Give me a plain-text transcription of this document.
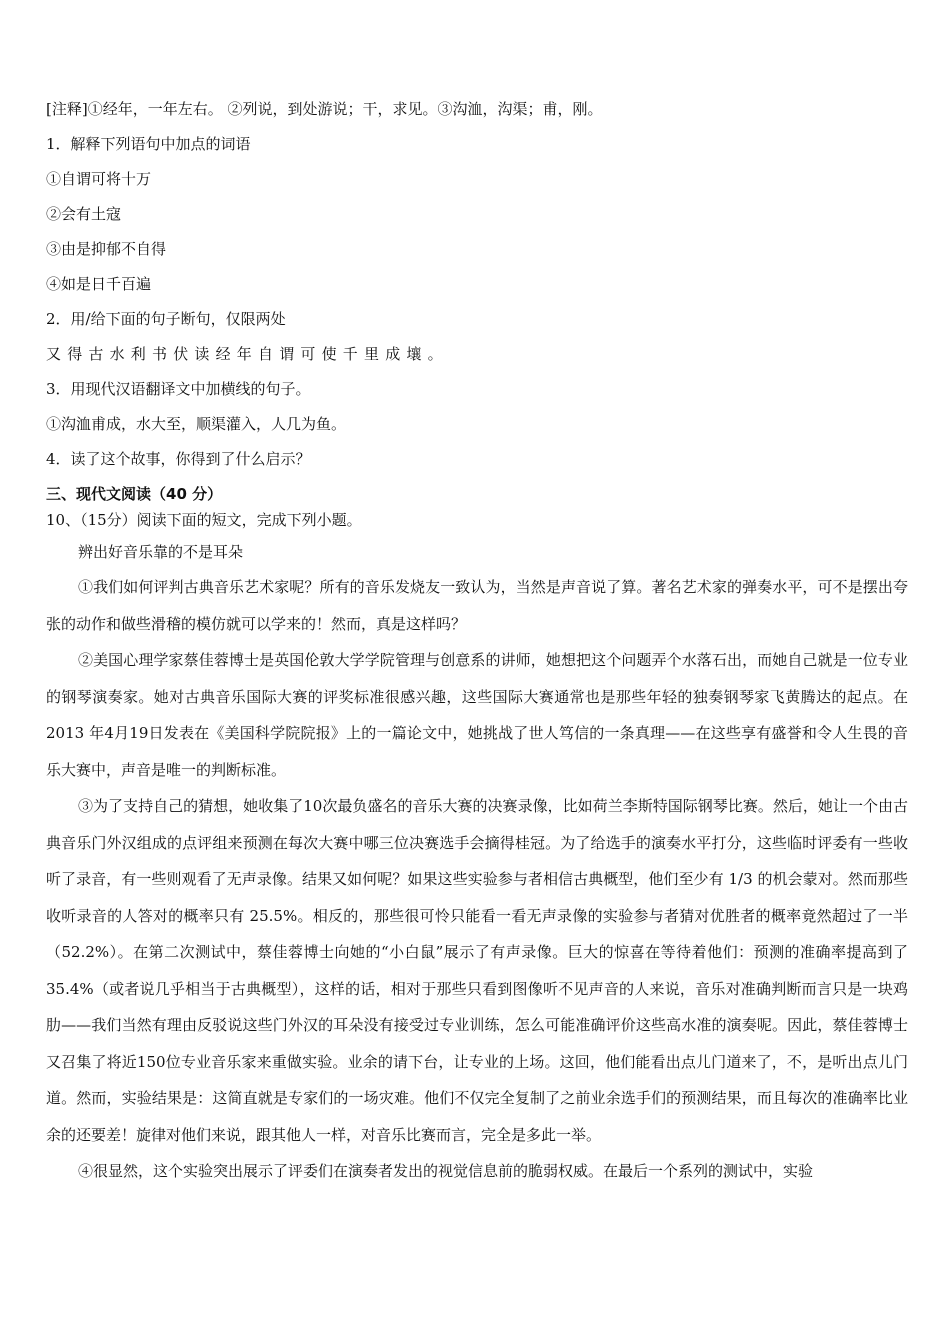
[注释]①经年，一年左右。 ②列说，到处游说；干，求见。③沟洫，沟渠；甫，刚。
1．解释下列语句中加点的词语
①自谓可将十万
②会有土寇
③由是抑郁不自得
④如是日千百遍
2．用/给下面的句子断句，仅限两处
又得古水利书伏读经年自谓可使千里成壤。
3．用现代汉语翻译文中加横线的句子。
①沟洫甫成，水大至，顺渠灌入，人几为鱼。
4．读了这个故事，你得到了什么启示？
三、现代文阅读（40 分）
10、（15分）阅读下面的短文，完成下列小题。
辨出好音乐靠的不是耳朵
①我们如何评判古典音乐艺术家呢？所有的音乐发烧友一致认为，当然是声音说了算。著名艺术家的弹奏水平，可不是摆出夸张的动作和做些滑稽的模仿就可以学来的！然而，真是这样吗？
②美国心理学家蔡佳蓉博士是英国伦敦大学学院管理与创意系的讲师，她想把这个问题弄个水落石出，而她自己就是一位专业的钢琴演奏家。她对古典音乐国际大赛的评奖标准很感兴趣，这些国际大赛通常也是那些年轻的独奏钢琴家飞黄腾达的起点。在2013 年4月19日发表在《美国科学院院报》上的一篇论文中，她挑战了世人笃信的一条真理——在这些享有盛誉和令人生畏的音乐大赛中，声音是唯一的判断标准。
③为了支持自己的猜想，她收集了10次最负盛名的音乐大赛的决赛录像，比如荷兰李斯特国际钢琴比赛。然后，她让一个由古典音乐门外汉组成的点评组来预测在每次大赛中哪三位决赛选手会摘得桂冠。为了给选手的演奏水平打分，这些临时评委有一些收听了录音，有一些则观看了无声录像。结果又如何呢？如果这些实验参与者相信古典概型，他们至少有 1/3 的机会蒙对。然而那些收听录音的人答对的概率只有 25.5%。相反的，那些很可怜只能看一看无声录像的实验参与者猜对优胜者的概率竟然超过了一半（52.2%）。在第二次测试中，蔡佳蓉博士向她的“小白鼠”展示了有声录像。巨大的惊喜在等待着他们：预测的准确率提高到了35.4%（或者说几乎相当于古典概型），这样的话，相对于那些只看到图像听不见声音的人来说，音乐对准确判断而言只是一块鸡肋——我们当然有理由反驳说这些门外汉的耳朵没有接受过专业训练，怎么可能准确评价这些高水准的演奏呢。因此，蔡佳蓉博士又召集了将近150位专业音乐家来重做实验。业余的请下台，让专业的上场。这回，他们能看出点儿门道来了，不，是听出点儿门道。然而，实验结果是：这简直就是专家们的一场灾难。他们不仅完全复制了之前业余选手们的预测结果，而且每次的准确率比业余的还要差！旋律对他们来说，跟其他人一样，对音乐比赛而言，完全是多此一举。
④很显然，这个实验突出展示了评委们在演奏者发出的视觉信息前的脆弱权威。在最后一个系列的测试中，实验
